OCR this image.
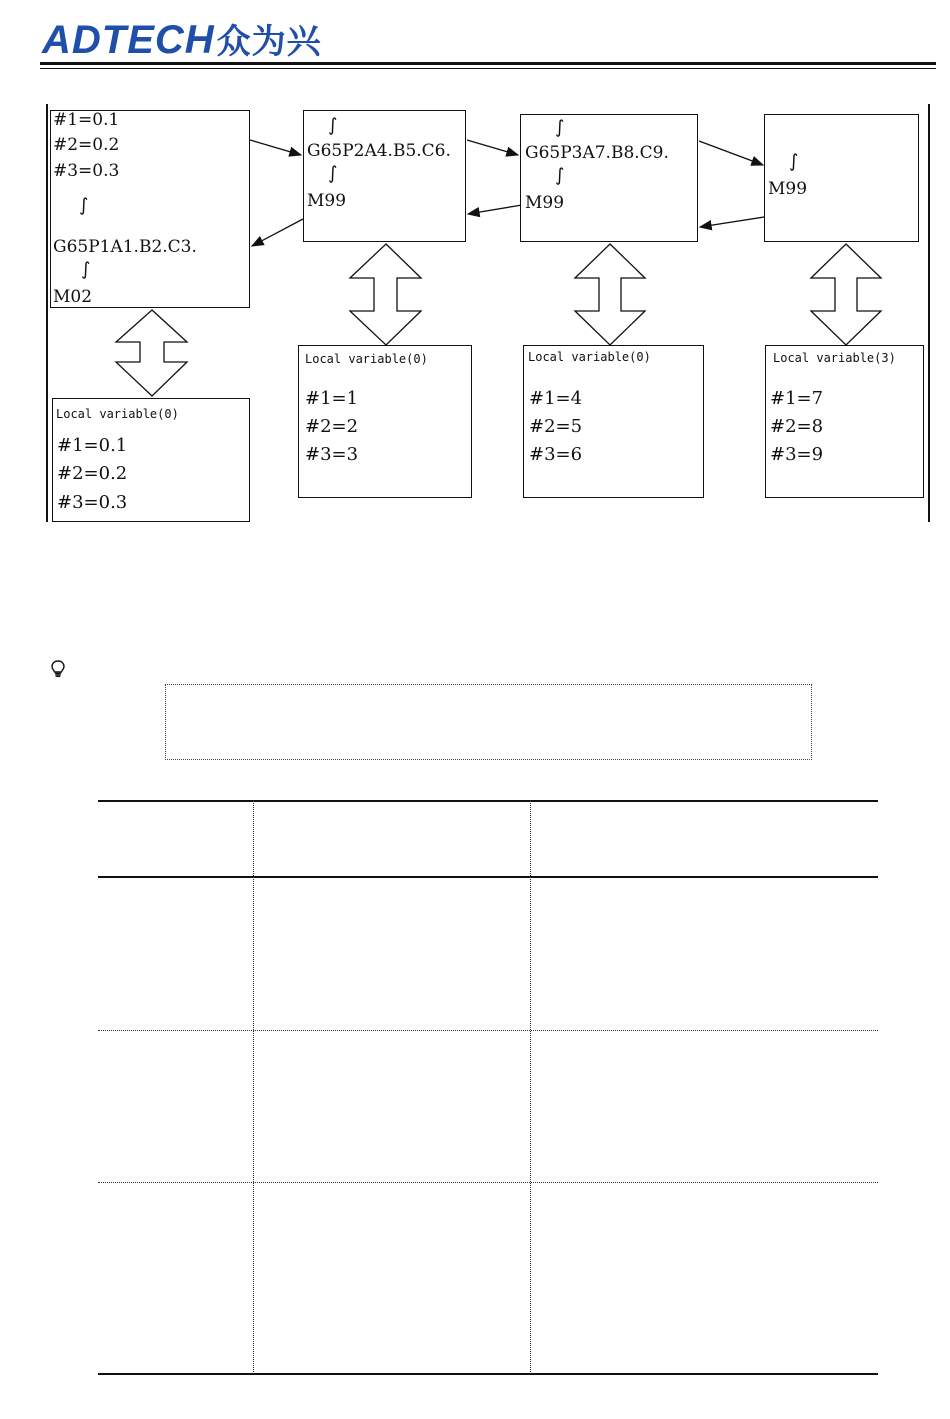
ADTECH众为兴
#1=0.1
#2=0.2
#3=0.3
∫
G65P1A1.B2.C3.
∫
M02
∫
G65P2A4.B5.C6.
∫
M99
∫
G65P3A7.B8.C9.
∫
M99
∫
M99
Local variable(0)
#1=0.1
#2=0.2
#3=0.3
Local variable(0)
#1=1
#2=2
#3=3
Local variable(0)
#1=4
#2=5
#3=6
Local variable(3)
#1=7
#2=8
#3=9
